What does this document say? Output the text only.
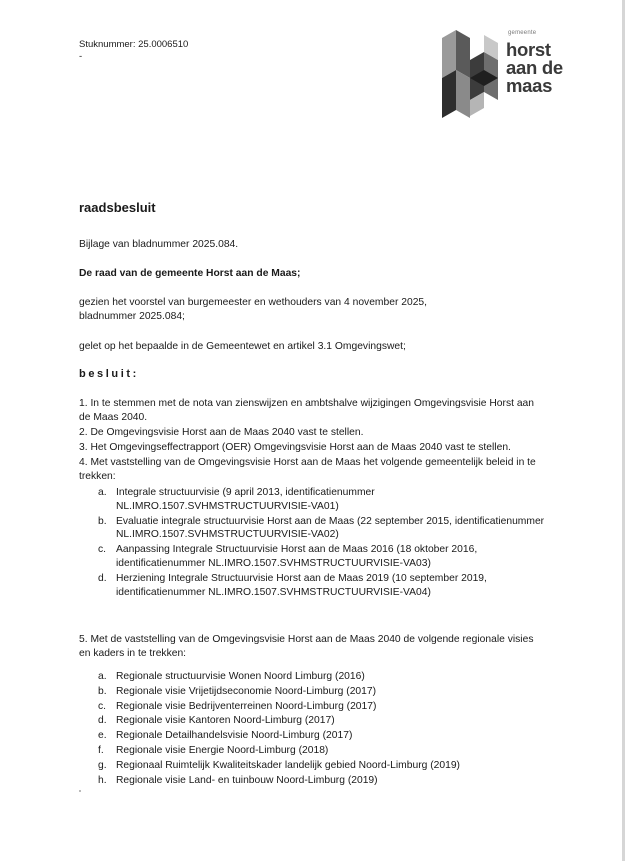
Stuknummer: 25.0006510
-
gemeente
horst
aan de
maas
raadsbesluit
Bijlage van bladnummer 2025.084.
De raad van de gemeente Horst aan de Maas;
gezien het voorstel van burgemeester en wethouders van 4 november 2025,
bladnummer 2025.084;
gelet op het bepaalde in de Gemeentewet en artikel 3.1 Omgevingswet;
besluit:
1. In te stemmen met de nota van zienswijzen en ambtshalve wijzigingen Omgevingsvisie Horst aan
de Maas 2040.
2. De Omgevingsvisie Horst aan de Maas 2040 vast te stellen.
3. Het Omgevingseffectrapport (OER) Omgevingsvisie Horst aan de Maas 2040 vast te stellen.
4. Met vaststelling van de Omgevingsvisie Horst aan de Maas het volgende gemeentelijk beleid in te
trekken:
a. Integrale structuurvisie (9 april 2013, identificatienummer
NL.IMRO.1507.SVHMSTRUCTUURVISIE-VA01)
b. Evaluatie integrale structuurvisie Horst aan de Maas (22 september 2015, identificatienummer
NL.IMRO.1507.SVHMSTRUCTUURVISIE-VA02)
c. Aanpassing Integrale Structuurvisie Horst aan de Maas 2016 (18 oktober 2016,
identificatienummer NL.IMRO.1507.SVHMSTRUCTUURVISIE-VA03)
d. Herziening Integrale Structuurvisie Horst aan de Maas 2019 (10 september 2019,
identificatienummer NL.IMRO.1507.SVHMSTRUCTUURVISIE-VA04)
5. Met de vaststelling van de Omgevingsvisie Horst aan de Maas 2040 de volgende regionale visies
en kaders in te trekken:
a. Regionale structuurvisie Wonen Noord Limburg (2016)
b. Regionale visie Vrijetijdseconomie Noord-Limburg (2017)
c. Regionale visie Bedrijventerreinen Noord-Limburg (2017)
d. Regionale visie Kantoren Noord-Limburg (2017)
e. Regionale Detailhandelsvisie Noord-Limburg (2017)
f.	Regionale visie Energie Noord-Limburg (2018)
g. Regionaal Ruimtelijk Kwaliteitskader landelijk gebied Noord-Limburg (2019)
h. Regionale visie Land- en tuinbouw Noord-Limburg (2019)
